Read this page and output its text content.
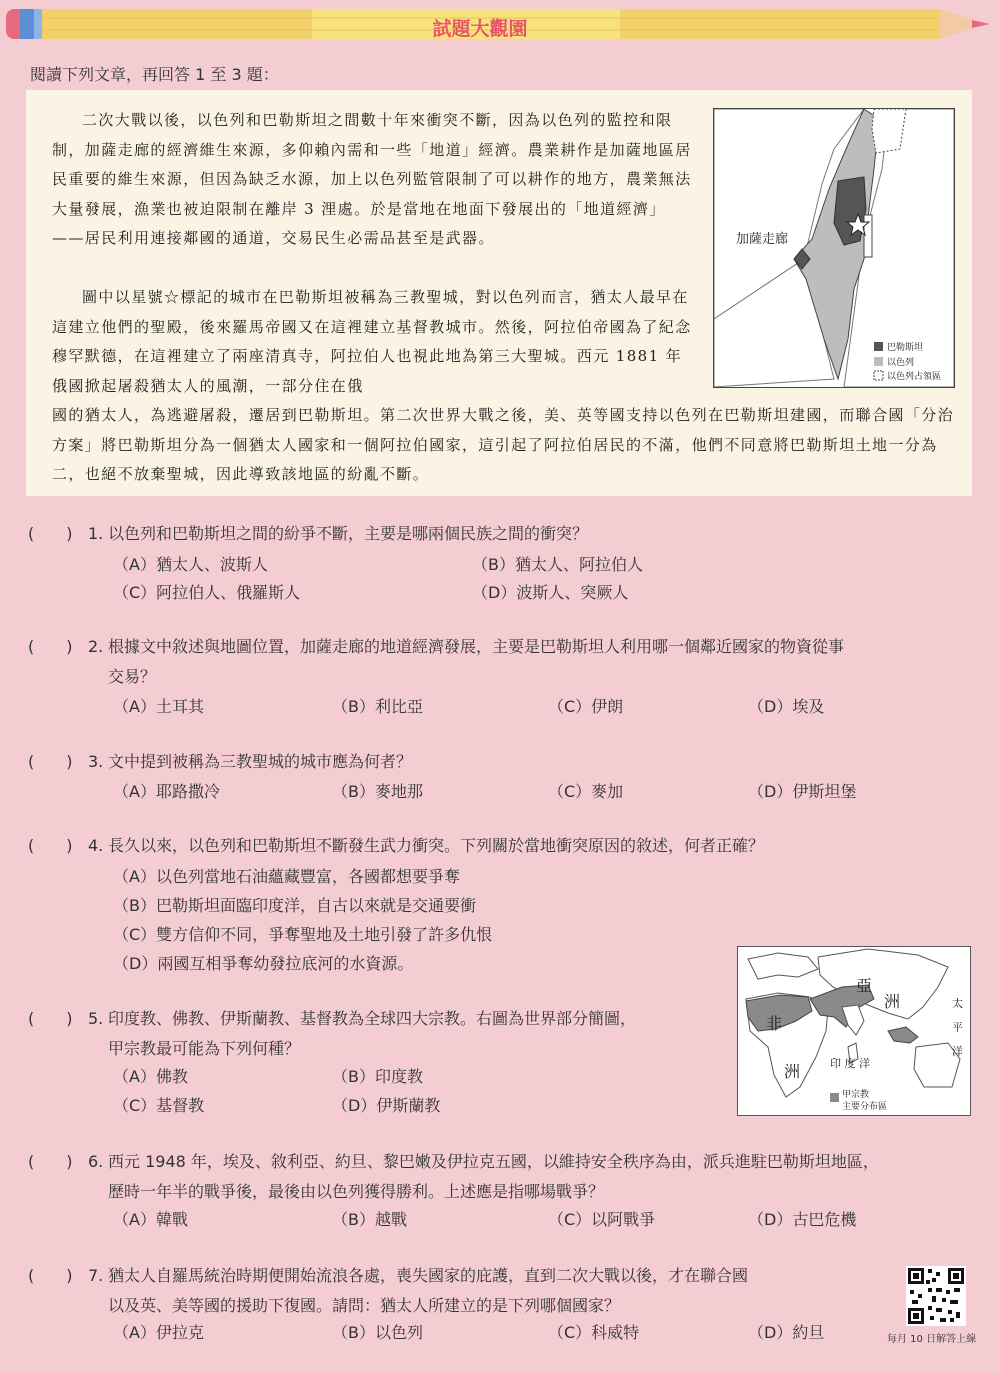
試題大觀園
閱讀下列文章，再回答 1 至 3 題：

二次大戰以後，以色列和巴勒斯坦之間數十年來衝突不斷，因為以色列的監控和限制，加薩走廊的經濟維生來源，多仰賴內需和一些「地道」經濟。農業耕作是加薩地區居民重要的維生來源，但因為缺乏水源，加上以色列監管限制了可以耕作的地方，農業無法大量發展，漁業也被迫限制在離岸 3 浬處。於是當地在地面下發展出的「地道經濟」——居民利用連接鄰國的通道，交易民生必需品甚至是武器。

圖中以星號☆標記的城市在巴勒斯坦被稱為三教聖城，對以色列而言，猶太人最早在這建立他們的聖殿，後來羅馬帝國又在這裡建立基督教城市。然後，阿拉伯帝國為了紀念穆罕默德，在這裡建立了兩座清真寺，阿拉伯人也視此地為第三大聖城。西元 1881 年俄國掀起屠殺猶太人的風潮，一部分住在俄

國的猶太人，為逃避屠殺，遷居到巴勒斯坦。第二次世界大戰之後，美、英等國支持以色列在巴勒斯坦建國，而聯合國「分治方案」將巴勒斯坦分為一個猶太人國家和一個阿拉伯國家，這引起了阿拉伯居民的不滿，他們不同意將巴勒斯坦土地一分為二，也絕不放棄聖城，因此導致該地區的紛亂不斷。

加薩走廊
巴勒斯坦
以色列
以色列占領區
(　　) 1. 以色列和巴勒斯坦之間的紛爭不斷，主要是哪兩個民族之間的衝突？
（A）猶太人、波斯人	（B）猶太人、阿拉伯人
（C）阿拉伯人、俄羅斯人	（D）波斯人、突厥人
(　　) 2. 根據文中敘述與地圖位置，加薩走廊的地道經濟發展，主要是巴勒斯坦人利用哪一個鄰近國家的物資從事
交易？
（A）土耳其	（B）利比亞	（C）伊朗	（D）埃及
(　　) 3. 文中提到被稱為三教聖城的城市應為何者？
（A）耶路撒冷	（B）麥地那	（C）麥加	（D）伊斯坦堡
(　　) 4. 長久以來，以色列和巴勒斯坦不斷發生武力衝突。下列關於當地衝突原因的敘述，何者正確？
（A）以色列當地石油蘊藏豐富，各國都想要爭奪
（B）巴勒斯坦面臨印度洋，自古以來就是交通要衝
（C）雙方信仰不同，爭奪聖地及土地引發了許多仇恨
（D）兩國互相爭奪幼發拉底河的水資源。
非
洲
亞
洲	太
平
洋
印 度 洋
甲宗教
主要分布區
(　　) 5. 印度教、佛教、伊斯蘭教、基督教為全球四大宗教。右圖為世界部分簡圖，
甲宗教最可能為下列何種？
（A）佛教	（B）印度教
（C）基督教	（D）伊斯蘭教
(　　) 6. 西元 1948 年，埃及、敘利亞、約旦、黎巴嫩及伊拉克五國，以維持安全秩序為由，派兵進駐巴勒斯坦地區，
歷時一年半的戰爭後，最後由以色列獲得勝利。上述應是指哪場戰爭？
（A）韓戰	（B）越戰	（C）以阿戰爭	（D）古巴危機
(　　) 7. 猶太人自羅馬統治時期便開始流浪各處，喪失國家的庇護，直到二次大戰以後，才在聯合國
以及英、美等國的援助下復國。請問：猶太人所建立的是下列哪個國家？
（A）伊拉克	（B）以色列	（C）科威特	（D）約旦	每月 10 日解答上線
